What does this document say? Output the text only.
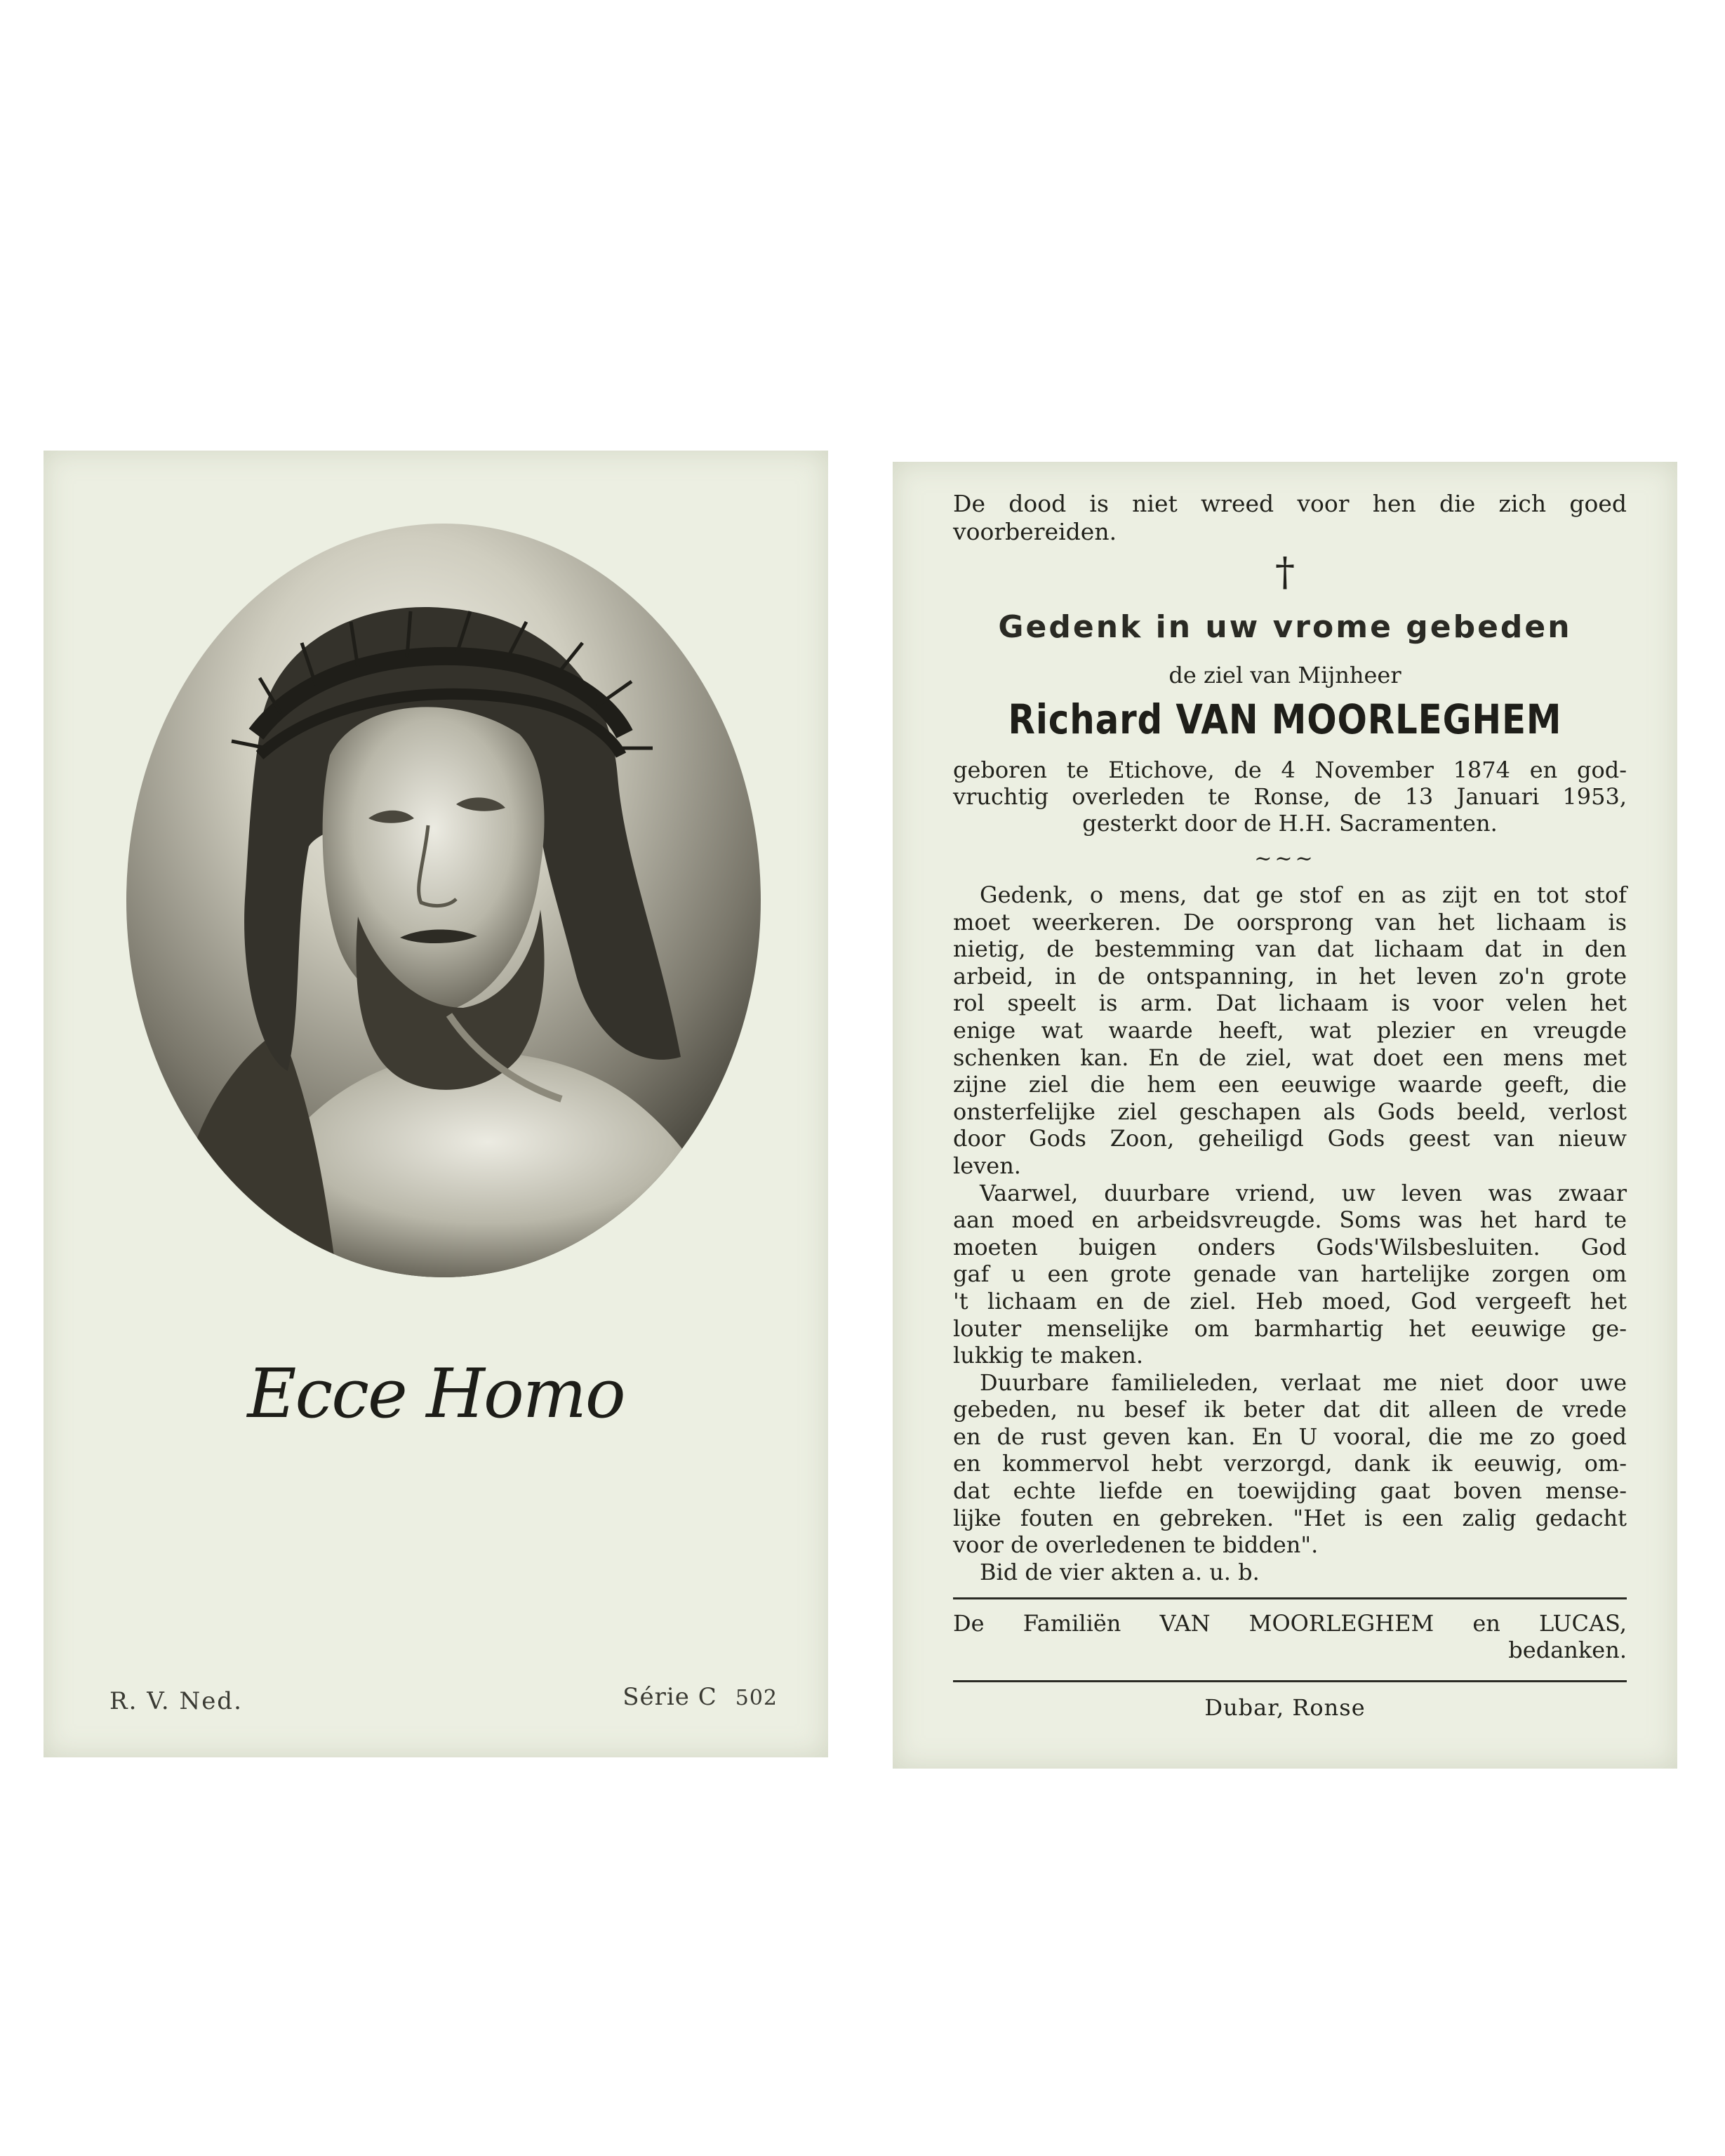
Ecce Homo
R. V. Ned.	Série C 502
De dood is niet wreed voor hen die zich goed
voorbereiden.
†
Gedenk in uw vrome gebeden
de ziel van Mijnheer
Richard VAN MOORLEGHEM
geboren te Etichove, de 4 November 1874 en god-
vruchtig overleden te Ronse, de 13 Januari 1953,
gesterkt door de H.H. Sacramenten.
~~~
Gedenk, o mens, dat ge stof en as zijt en tot stof
moet weerkeren. De oorsprong van het lichaam is
nietig, de bestemming van dat lichaam dat in den
arbeid, in de ontspanning, in het leven zo'n grote
rol speelt is arm. Dat lichaam is voor velen het
enige wat waarde heeft, wat plezier en vreugde
schenken kan. En de ziel, wat doet een mens met
zijne ziel die hem een eeuwige waarde geeft, die
onsterfelijke ziel geschapen als Gods beeld, verlost
door Gods Zoon, geheiligd Gods geest van nieuw
leven.
Vaarwel, duurbare vriend, uw leven was zwaar
aan moed en arbeidsvreugde. Soms was het hard te
moeten buigen onders Gods'Wilsbesluiten. God
gaf u een grote genade van hartelijke zorgen om
't lichaam en de ziel. Heb moed, God vergeeft het
louter menselijke om barmhartig het eeuwige ge-
lukkig te maken.
Duurbare familieleden, verlaat me niet door uwe
gebeden, nu besef ik beter dat dit alleen de vrede
en de rust geven kan. En U vooral, die me zo goed
en kommervol hebt verzorgd, dank ik eeuwig, om-
dat echte liefde en toewijding gaat boven mense-
lijke fouten en gebreken. "Het is een zalig gedacht
voor de overledenen te bidden".
Bid de vier akten a. u. b.
De Familiën VAN MOORLEGHEM en LUCAS,
bedanken.
Dubar, Ronse
